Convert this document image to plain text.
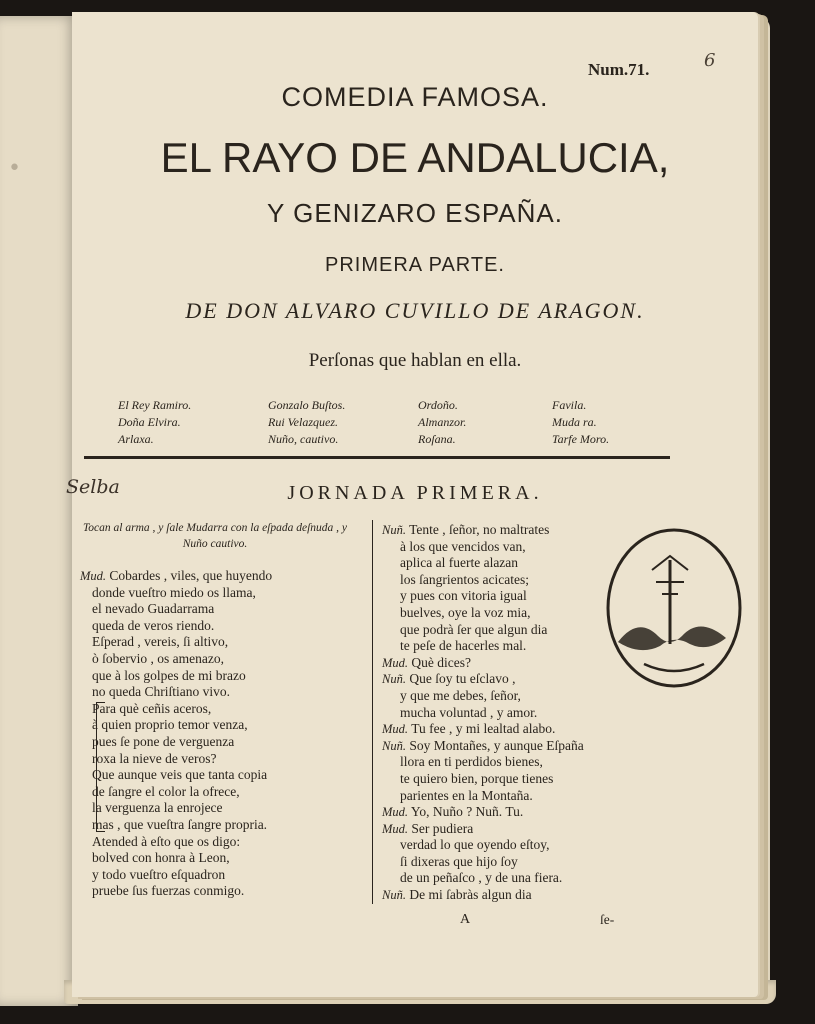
•
Num.71.	6
COMEDIA FAMOSA.
EL RAYO DE ANDALUCIA,
Y GENIZARO ESPAÑA.
PRIMERA PARTE.
DE DON ALVARO CUVILLO DE ARAGON.
Perſonas que hablan en ella.
El Rey Ramiro.
Doña Elvira.
Arlaxa.
Gonzalo Buſtos.
Rui Velazquez.
Nuño, cautivo.
Ordoño.
Almanzor.
Roſana.
Favila.
Muda ra.
Tarfe Moro.
Selba	JORNADA PRIMERA.
Tocan al arma , y ſale Mudarra con la eſpada deſnuda , y Nuño cautivo.
Mud. Cobardes , viles, que huyendo
donde vueſtro miedo os llama,
el nevado Guadarrama
queda de veros riendo.
Eſperad , vereis, ſi altivo,
ò ſobervio , os amenazo,
que à los golpes de mi brazo
no queda Chriſtiano vivo.
Para què ceñis aceros,
à quien proprio temor venza,
pues ſe pone de verguenza
roxa la nieve de veros?
Que aunque veis que tanta copia
de ſangre el color la ofrece,
la verguenza la enrojece
mas , que vueſtra ſangre propria.
Atended à eſto que os digo:
bolved con honra à Leon,
y todo vueſtro eſquadron
pruebe ſus fuerzas conmigo.
Nuñ. Tente , ſeñor, no maltrates
à los que vencidos van,
aplica al fuerte alazan
los ſangrientos acicates;
y pues con vitoria igual
buelves, oye la voz mia,
que podrà ſer que algun dia
te peſe de hacerles mal.
Mud. Què dices?
Nuñ. Que ſoy tu eſclavo ,
y que me debes, ſeñor,
mucha voluntad , y amor.
Mud. Tu fee , y mi lealtad alabo.
Nuñ. Soy Montañes, y aunque Eſpaña
llora en ti perdidos bienes,
te quiero bien, porque tienes
parientes en la Montaña.
Mud. Yo, Nuño ? Nuñ. Tu.
Mud. Ser pudiera
verdad lo que oyendo eſtoy,
ſi dixeras que hijo ſoy
de un peñaſco , y de una fiera.
Nuñ. De mi ſabràs algun dia
A	ſe-
